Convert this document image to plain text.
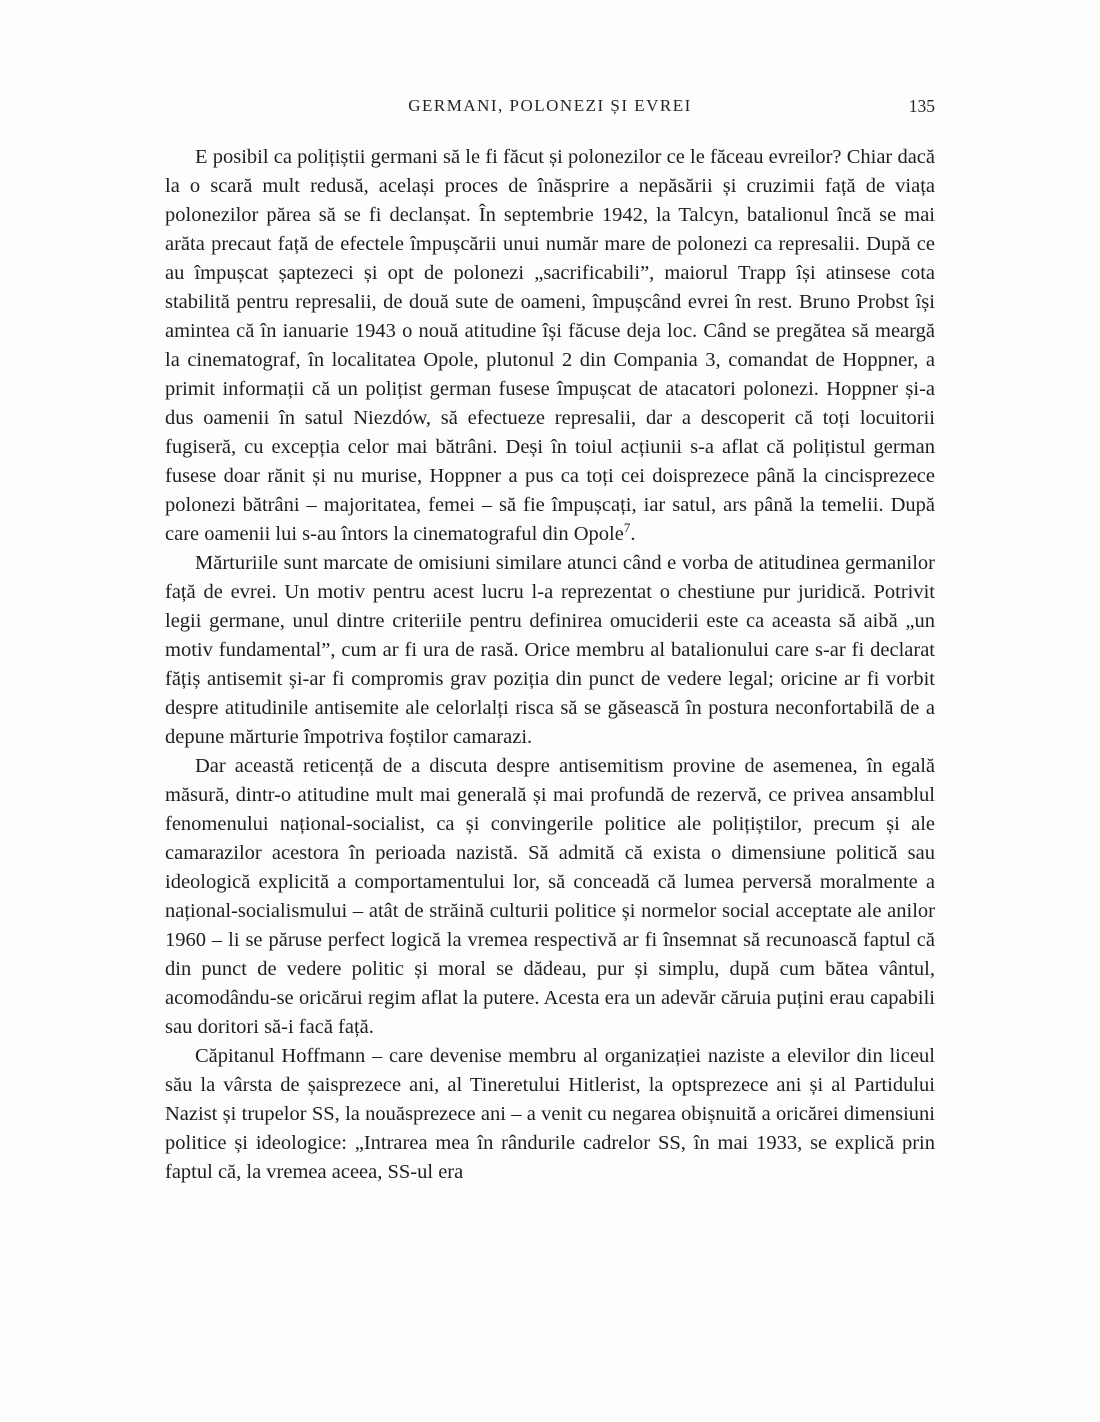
GERMANI, POLONEZI ȘI EVREI	135

E posibil ca polițiștii germani să le fi făcut și polonezilor ce le făceau evreilor? Chiar dacă la o scară mult redusă, același proces de înăsprire a nepăsării și cruzimii față de viața polonezilor părea să se fi declanșat. În septembrie 1942, la Talcyn, batalionul încă se mai arăta precaut față de efectele împușcării unui număr mare de polonezi ca represalii. După ce au împușcat șaptezeci și opt de polonezi „sacrificabili”, maiorul Trapp își atinsese cota stabilită pentru represalii, de două sute de oameni, împușcând evrei în rest. Bruno Probst își amintea că în ianuarie 1943 o nouă atitudine își făcuse deja loc. Când se pregătea să meargă la cinematograf, în localitatea Opole, plutonul 2 din Compania 3, comandat de Hoppner, a primit informații că un polițist german fusese împușcat de atacatori polonezi. Hoppner și-a dus oamenii în satul Niezdów, să efectueze represalii, dar a descoperit că toți locuitorii fugiseră, cu excepția celor mai bătrâni. Deși în toiul acțiunii s-a aflat că polițistul german fusese doar rănit și nu murise, Hoppner a pus ca toți cei doisprezece până la cincisprezece polonezi bătrâni – majoritatea, femei – să fie împușcați, iar satul, ars până la temelii. După care oamenii lui s-au întors la cinematograful din Opole$^7$.

Mărturiile sunt marcate de omisiuni similare atunci când e vorba de atitudinea germanilor față de evrei. Un motiv pentru acest lucru l-a reprezentat o chestiune pur juridică. Potrivit legii germane, unul dintre criteriile pentru definirea omuciderii este ca aceasta să aibă „un motiv fundamental”, cum ar fi ura de rasă. Orice membru al batalionului care s-ar fi declarat fățiș antisemit și-ar fi compromis grav poziția din punct de vedere legal; oricine ar fi vorbit despre atitudinile antisemite ale celorlalți risca să se găsească în postura neconfortabilă de a depune mărturie împotriva foștilor camarazi.

Dar această reticență de a discuta despre antisemitism provine de asemenea, în egală măsură, dintr-o atitudine mult mai generală și mai profundă de rezervă, ce privea ansamblul fenomenului național-socialist, ca și convingerile politice ale polițiștilor, precum și ale camarazilor acestora în perioada nazistă. Să admită că exista o dimensiune politică sau ideologică explicită a comportamentului lor, să conceadă că lumea perversă moralmente a național-socialismului – atât de străină culturii politice și normelor social acceptate ale anilor 1960 – li se păruse perfect logică la vremea respectivă ar fi însemnat să recunoască faptul că din punct de vedere politic și moral se dădeau, pur și simplu, după cum bătea vântul, acomodându-se oricărui regim aflat la putere. Acesta era un adevăr căruia puțini erau capabili sau doritori să-i facă față.

Căpitanul Hoffmann – care devenise membru al organizației naziste a elevilor din liceul său la vârsta de șaisprezece ani, al Tineretului Hitlerist, la optsprezece ani și al Partidului Nazist și trupelor SS, la nouăsprezece ani – a venit cu negarea obișnuită a oricărei dimensiuni politice și ideologice: „Intrarea mea în rândurile cadrelor SS, în mai 1933, se explică prin faptul că, la vremea aceea, SS-ul era
